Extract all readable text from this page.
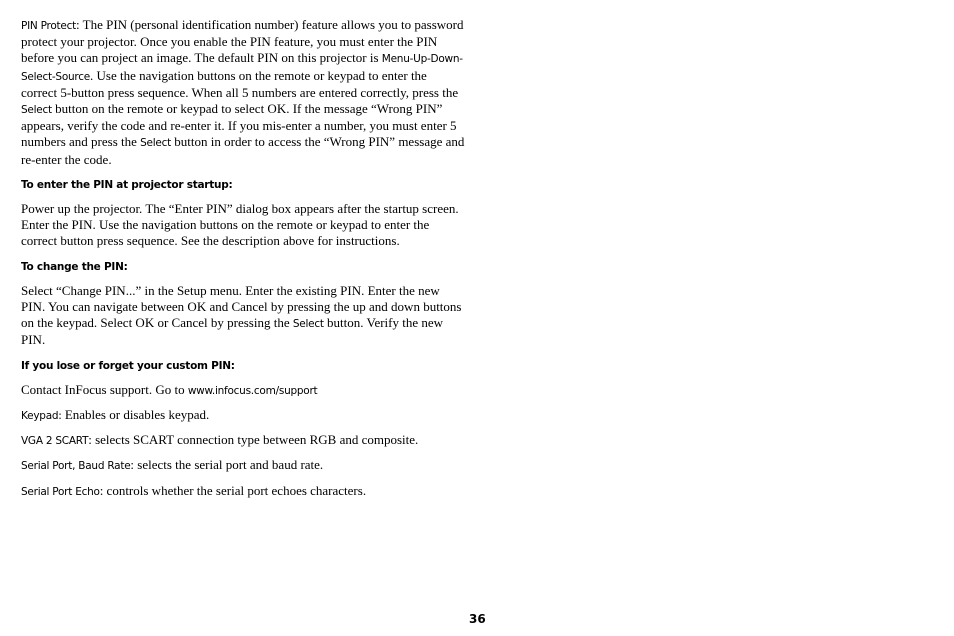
PIN Protect: The PIN (personal identification number) feature allows you to password protect your projector. Once you enable the PIN feature, you must enter the PIN before you can project an image. The default PIN on this projector is Menu-Up-Down-Select-Source. Use the navigation buttons on the remote or keypad to enter the correct 5-button press sequence. When all 5 numbers are entered correctly, press the Select button on the remote or keypad to select OK. If the message “Wrong PIN” appears, verify the code and re-enter it. If you mis-enter a number, you must enter 5 numbers and press the Select button in order to access the “Wrong PIN” message and re-enter the code.

To enter the PIN at projector startup:

Power up the projector. The “Enter PIN” dialog box appears after the startup screen. Enter the PIN. Use the navigation buttons on the remote or keypad to enter the correct button press sequence. See the description above for instructions.

To change the PIN:

Select “Change PIN...” in the Setup menu. Enter the existing PIN. Enter the new PIN. You can navigate between OK and Cancel by pressing the up and down buttons on the keypad. Select OK or Cancel by pressing the Select button. Verify the new PIN.

If you lose or forget your custom PIN:

Contact InFocus support. Go to www.infocus.com/support

Keypad: Enables or disables keypad.

VGA 2 SCART: selects SCART connection type between RGB and composite.

Serial Port, Baud Rate: selects the serial port and baud rate.

Serial Port Echo: controls whether the serial port echoes characters.

36
